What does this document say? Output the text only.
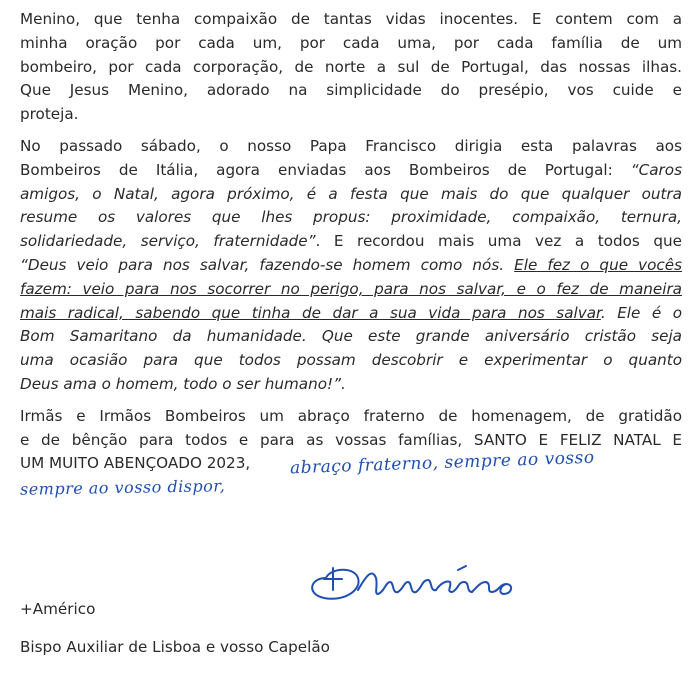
Menino, que tenha compaixão de tantas vidas inocentes. E contem com a
minha oração por cada um, por cada uma, por cada família de um
bombeiro, por cada corporação, de norte a sul de Portugal, das nossas ilhas.
Que Jesus Menino, adorado na simplicidade do presépio, vos cuide e
proteja.

No passado sábado, o nosso Papa Francisco dirigia esta palavras aos
Bombeiros de Itália, agora enviadas aos Bombeiros de Portugal: “Caros
amigos, o Natal, agora próximo, é a festa que mais do que qualquer outra
resume os valores que lhes propus: proximidade, compaixão, ternura,
solidariedade, serviço, fraternidade”. E recordou mais uma vez a todos que
“Deus veio para nos salvar, fazendo-se homem como nós. Ele fez o que vocês
fazem: veio para nos socorrer no perigo, para nos salvar, e o fez de maneira
mais radical, sabendo que tinha de dar a sua vida para nos salvar. Ele é o
Bom Samaritano da humanidade. Que este grande aniversário cristão seja
uma ocasião para que todos possam descobrir e experimentar o quanto
Deus ama o homem, todo o ser humano!”.

Irmãs e Irmãos Bombeiros um abraço fraterno de homenagem, de gratidão
e de bênção para todos e para as vossas famílias, SANTO E FELIZ NATAL E
UM MUITO ABENÇOADO 2023, abraço fraterno, sempre ao vosso
sempre ao vosso dispor,
+Américo
+Américo
Bispo Auxiliar de Lisboa e vosso Capelão
